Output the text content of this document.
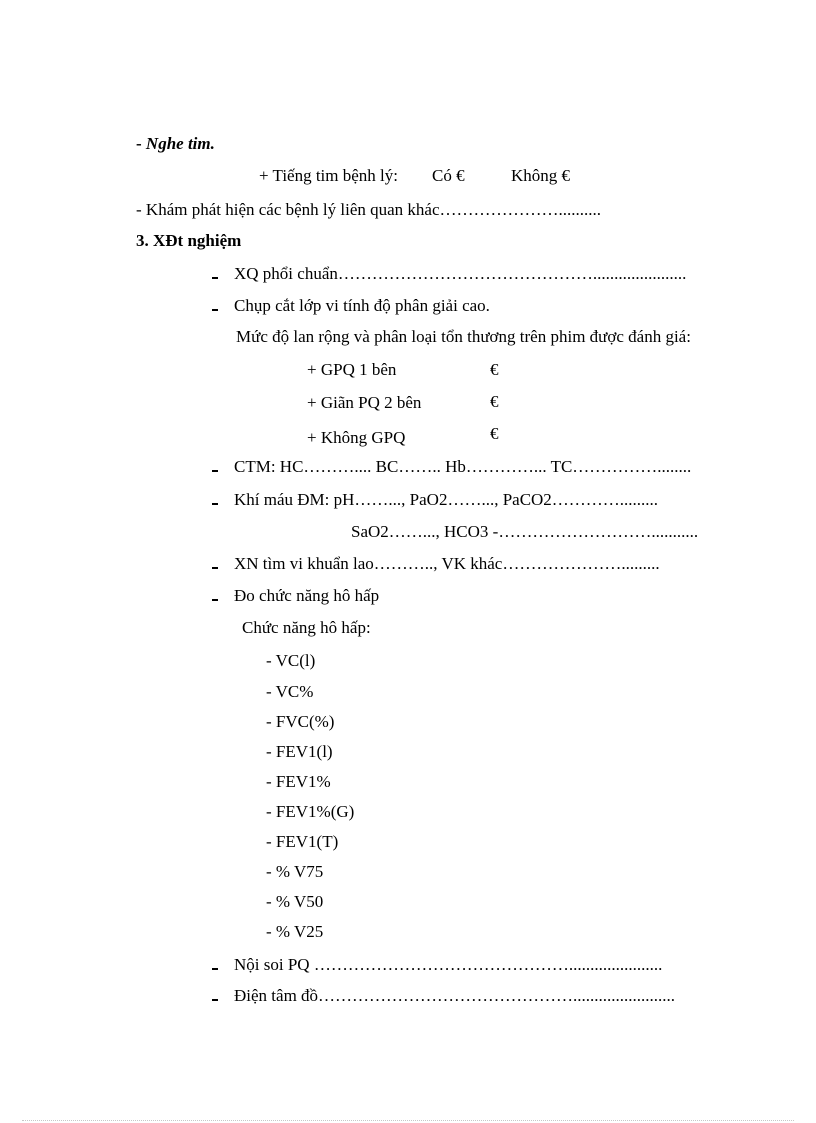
- Nghe tim.
+ Tiếng tim bệnh lý: Có €	Không €
- Khám phát hiện các bệnh lý liên quan khác…………………..........
3. XĐt nghiệm
XQ phổi chuẩn………………………………………......................
Chụp cắt lớp vi tính độ phân giải cao.
Mức độ lan rộng và phân loại tổn thương trên phim được đánh giá:
+ GPQ 1 bên	€
+ Giãn PQ 2 bên	€
+ Không GPQ	€
CTM: HC……….... BC…….. Hb…………... TC……………........
Khí máu ĐM: pH……..., PaO2……..., PaCO2………….........
SaO2……..., HCO3 -………………………...........
XN tìm vi khuẩn lao……….., VK khác………………….........
Đo chức năng hô hấp
Chức năng hô hấp:
- VC(l)
- VC%
- FVC(%)
- FEV1(l)
- FEV1%
- FEV1%(G)
- FEV1(T)
- % V75
- % V50
- % V25
Nội soi PQ ………………………………………......................
Điện tâm đồ………………………………………........................
